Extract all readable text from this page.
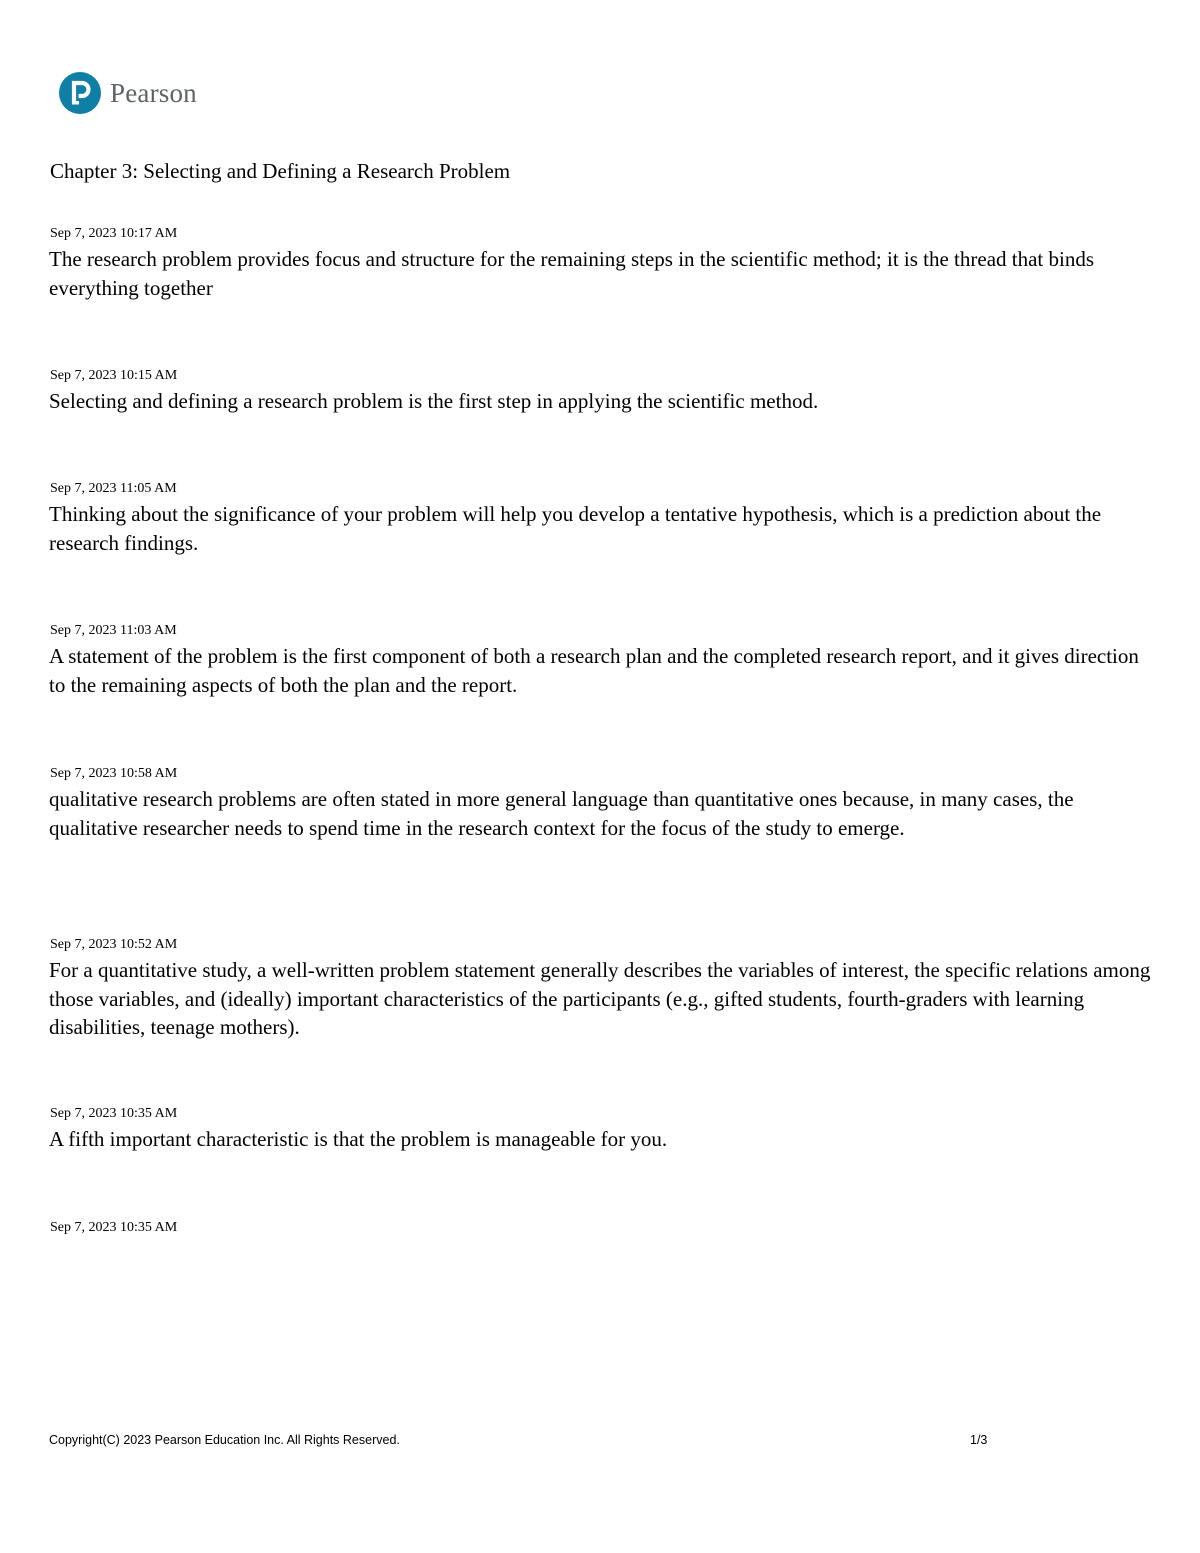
Pearson
Chapter 3: Selecting and Defining a Research Problem
Sep 7, 2023 10:17 AM
The research problem provides focus and structure for the remaining steps in the scientific method; it is the thread that binds everything together
Sep 7, 2023 10:15 AM
Selecting and defining a research problem is the first step in applying the scientific method.
Sep 7, 2023 11:05 AM
Thinking about the significance of your problem will help you develop a tentative hypothesis, which is a prediction about the research findings.
Sep 7, 2023 11:03 AM
A statement of the problem is the first component of both a research plan and the completed research report, and it gives direction to the remaining aspects of both the plan and the report.
Sep 7, 2023 10:58 AM
qualitative research problems are often stated in more general language than quantitative ones because, in many cases, the qualitative researcher needs to spend time in the research context for the focus of the study to emerge.
Sep 7, 2023 10:52 AM
For a quantitative study, a well-written problem statement generally describes the variables of interest, the specific relations among those variables, and (ideally) important characteristics of the participants (e.g., gifted students, fourth-graders with learning disabilities, teenage mothers).
Sep 7, 2023 10:35 AM
A fifth important characteristic is that the problem is manageable for you.
Sep 7, 2023 10:35 AM
Copyright(C) 2023 Pearson Education Inc. All Rights Reserved.	1/3
